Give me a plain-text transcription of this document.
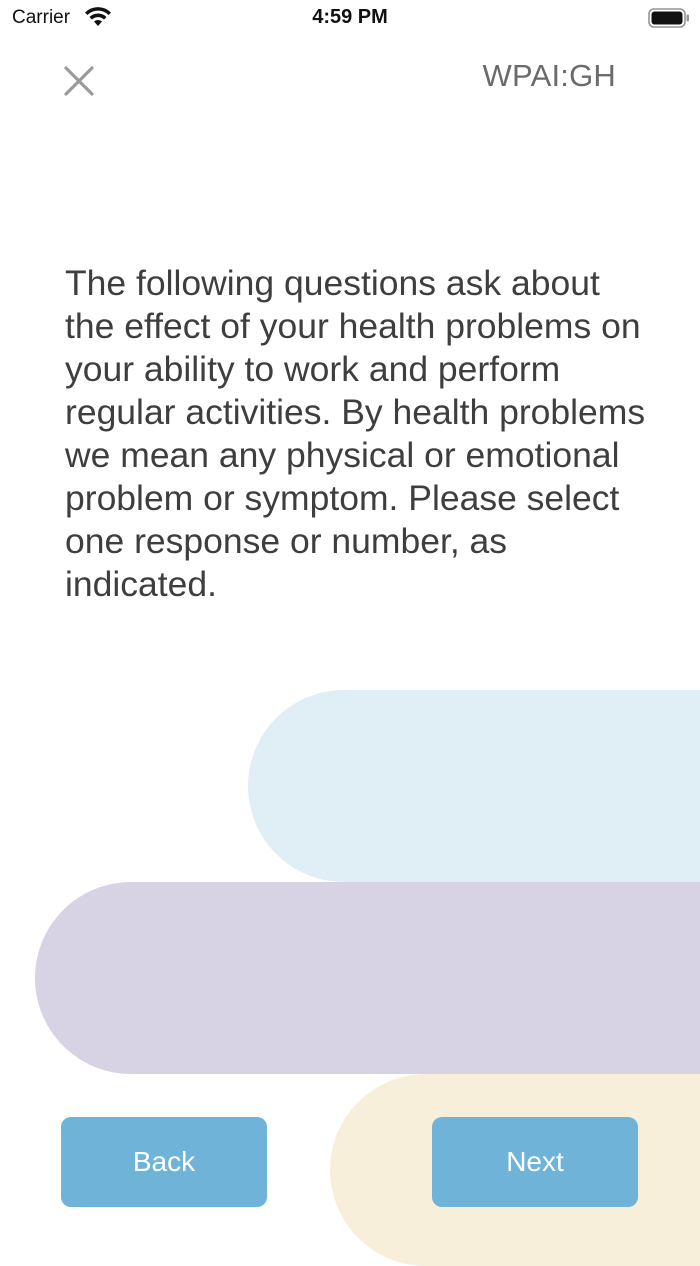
Carrier	4:59 PM
WPAI:GH

The following questions ask about the effect of your health problems on your ability to work and perform regular activities. By health problems we mean any physical or emotional problem or symptom. Please select one response or number, as indicated.

Back	Next
